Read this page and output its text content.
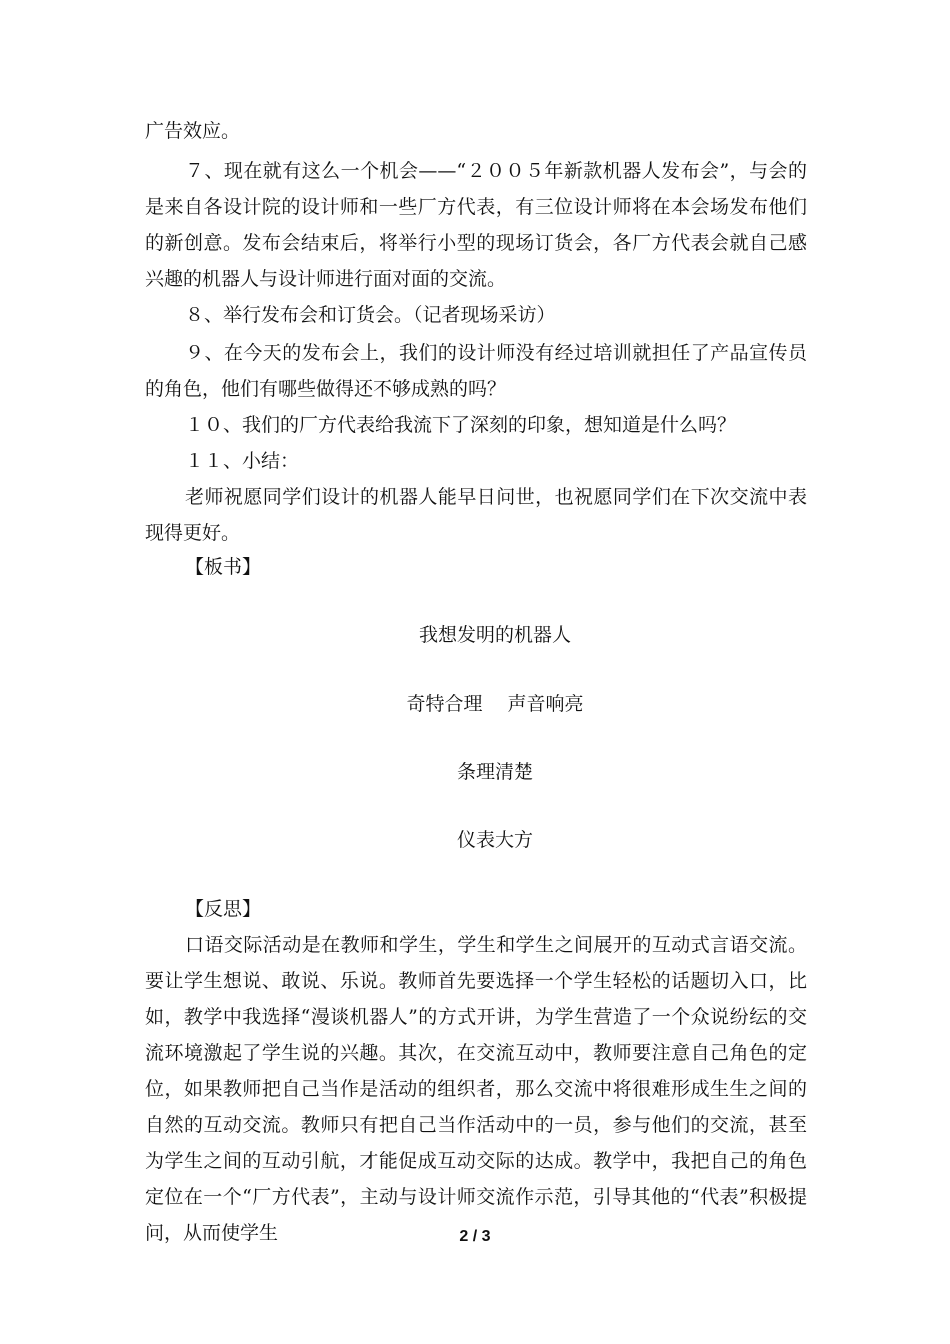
广告效应。

７、现在就有这么一个机会——“２００５年新款机器人发布会”，与会的是来自各设计院的设计师和一些厂方代表，有三位设计师将在本会场发布他们的新创意。发布会结束后，将举行小型的现场订货会，各厂方代表会就自己感兴趣的机器人与设计师进行面对面的交流。

８、举行发布会和订货会。（记者现场采访）

９、在今天的发布会上，我们的设计师没有经过培训就担任了产品宣传员的角色，他们有哪些做得还不够成熟的吗？

１０、我们的厂方代表给我流下了深刻的印象，想知道是什么吗？

１１、小结：

老师祝愿同学们设计的机器人能早日问世，也祝愿同学们在下次交流中表现得更好。

【板书】

我想发明的机器人

奇特合理　 声音响亮

条理清楚

仪表大方

【反思】

口语交际活动是在教师和学生，学生和学生之间展开的互动式言语交流。要让学生想说、敢说、乐说。教师首先要选择一个学生轻松的话题切入口，比如，教学中我选择“漫谈机器人”的方式开讲，为学生营造了一个众说纷纭的交流环境激起了学生说的兴趣。其次，在交流互动中，教师要注意自己角色的定位，如果教师把自己当作是活动的组织者，那么交流中将很难形成生生之间的自然的互动交流。教师只有把自己当作活动中的一员，参与他们的交流，甚至为学生之间的互动引航，才能促成互动交际的达成。教学中，我把自己的角色定位在一个“厂方代表”，主动与设计师交流作示范，引导其他的“代表”积极提问，从而使学生	2 / 3
